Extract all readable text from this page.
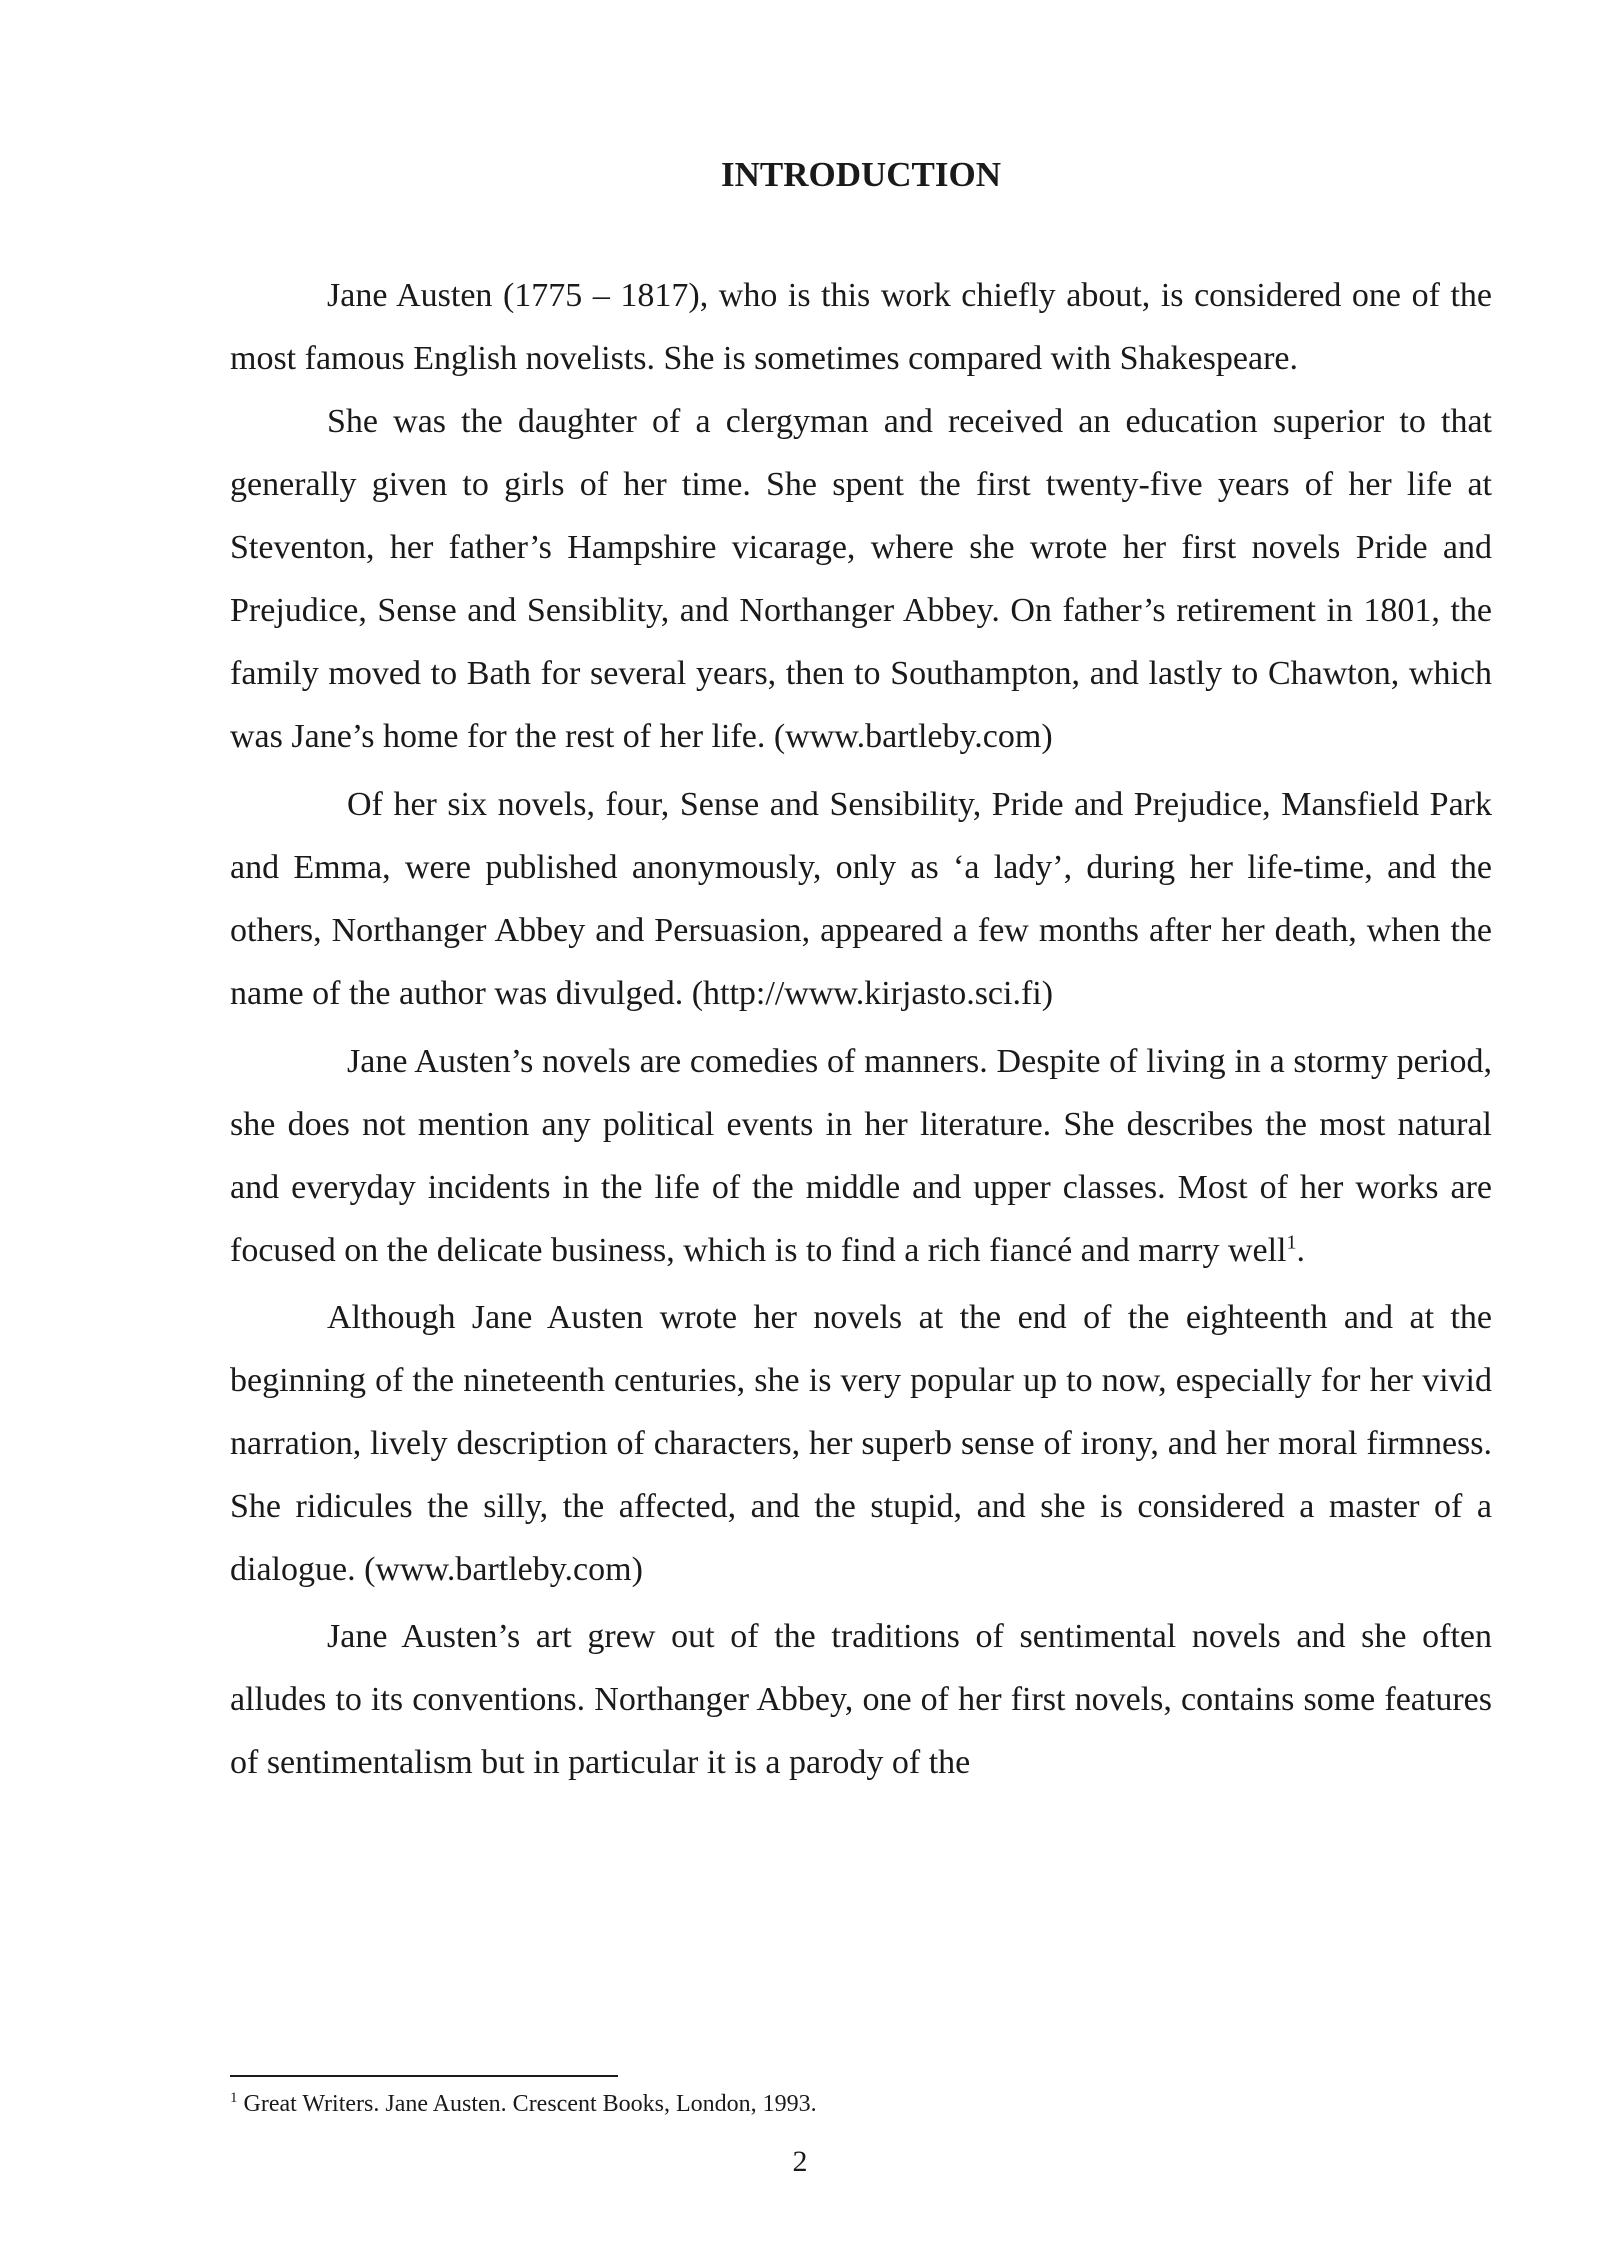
INTRODUCTION

Jane Austen (1775 – 1817), who is this work chiefly about, is considered one of the most famous English novelists. She is sometimes compared with Shakespeare.

She was the daughter of a clergyman and received an education superior to that generally given to girls of her time. She spent the first twenty-five years of her life at Steventon, her father’s Hampshire vicarage, where she wrote her first novels Pride and Prejudice, Sense and Sensiblity, and Northanger Abbey. On father’s retirement in 1801, the family moved to Bath for several years, then to Southampton, and lastly to Chawton, which was Jane’s home for the rest of her life. (www.bartleby.com)

Of her six novels, four, Sense and Sensibility, Pride and Prejudice, Mansfield Park and Emma, were published anonymously, only as ‘a lady’, during her life-time, and the others, Northanger Abbey and Persuasion, appeared a few months after her death, when the name of the author was divulged. (http://www.kirjasto.sci.fi)

Jane Austen’s novels are comedies of manners. Despite of living in a stormy period, she does not mention any political events in her literature. She describes the most natural and everyday incidents in the life of the middle and upper classes. Most of her works are focused on the delicate business, which is to find a rich fiancé and marry well$^1$.

Although Jane Austen wrote her novels at the end of the eighteenth and at the beginning of the nineteenth centuries, she is very popular up to now, especially for her vivid narration, lively description of characters, her superb sense of irony, and her moral firmness. She ridicules the silly, the affected, and the stupid, and she is considered a master of a dialogue. (www.bartleby.com)

Jane Austen’s art grew out of the traditions of sentimental novels and she often alludes to its conventions. Northanger Abbey, one of her first novels, contains some features of sentimentalism but in particular it is a parody of the

$^1$ Great Writers. Jane Austen. Crescent Books, London, 1993.
2
